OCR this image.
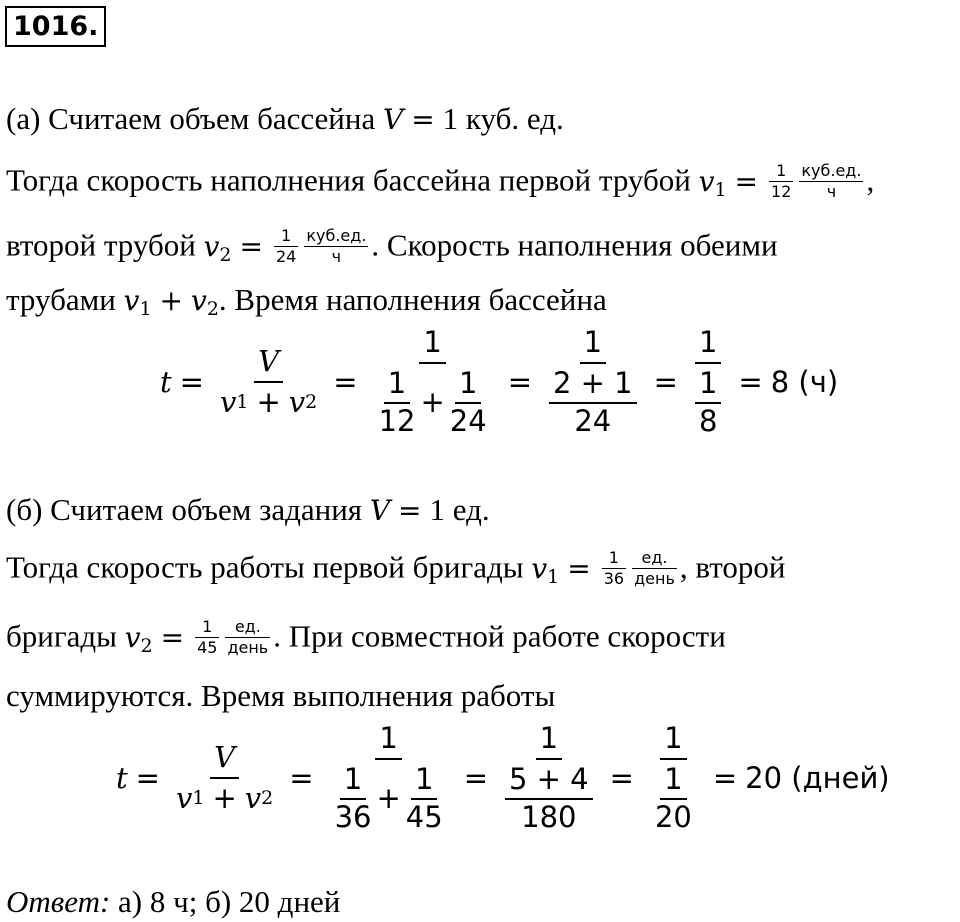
1016.
(а) Считаем объем бассейна V = 1 куб. ед.
Тогда скорость наполнения бассейна первой трубой $v_1 = \frac{1}{12} куб.ед$.
ч ,
второй трубой $v_2 = \frac{1}{24} куб.ед$.
ч . Скорость наполнения обеими
трубами $v_1 + v_2$. Время наполнения бассейна
$t = \frac{V}{v 1 + v 2} = 1$
1
12
+ $\frac{1}{24} = 1$
2 + 1
24 = 1
1
8 = 8 (ч)
(б) Считаем объем задания V = 1 ед.
Тогда скорость работы первой бригады $v_1 = \frac{1}{36}$ ед.
день , второй
бригады $v_2 = \frac{1}{45}$ ед.
день . При совместной работе скорости
суммируются. Время выполнения работы
$t = \frac{V}{v 1 + v 2} = 1$
1
36
+ $\frac{1}{45} = 1$
5 + 4
180 = 1
1
20 = 20 (дней)
Ответ: а) 8 ч; б) 20 дней
